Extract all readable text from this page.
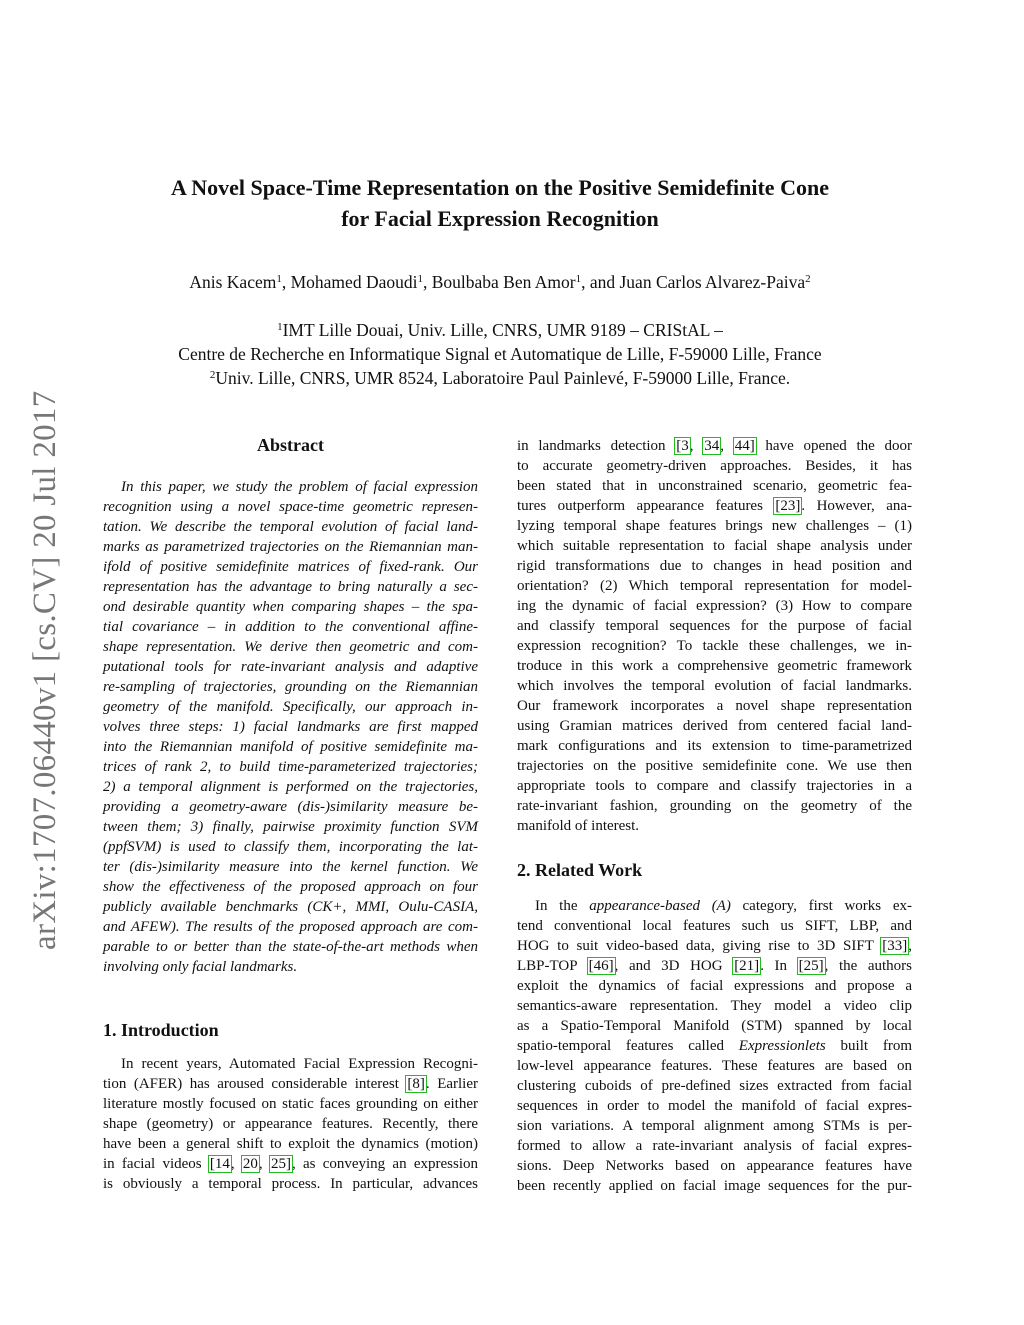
arXiv:1707.06440v1 [cs.CV] 20 Jul 2017
A Novel Space-Time Representation on the Positive Semidefinite Cone
for Facial Expression Recognition
Anis Kacem$^1$, Mohamed Daoudi$^1$, Boulbaba Ben Amor$^1$, and Juan Carlos Alvarez-Paiva$^2$
$^1$IMT Lille Douai, Univ. Lille, CNRS, UMR 9189 – CRIStAL –
Centre de Recherche en Informatique Signal et Automatique de Lille, F-59000 Lille, France
$^2$Univ. Lille, CNRS, UMR 8524, Laboratoire Paul Painlevé, F-59000 Lille, France.
Abstract
In this paper, we study the problem of facial expression
recognition using a novel space-time geometric represen-
tation. We describe the temporal evolution of facial land-
marks as parametrized trajectories on the Riemannian man-
ifold of positive semidefinite matrices of fixed-rank. Our
representation has the advantage to bring naturally a sec-
ond desirable quantity when comparing shapes – the spa-
tial covariance – in addition to the conventional affine-
shape representation. We derive then geometric and com-
putational tools for rate-invariant analysis and adaptive
re-sampling of trajectories, grounding on the Riemannian
geometry of the manifold. Specifically, our approach in-
volves three steps: 1) facial landmarks are first mapped
into the Riemannian manifold of positive semidefinite ma-
trices of rank 2, to build time-parameterized trajectories;
2) a temporal alignment is performed on the trajectories,
providing a geometry-aware (dis-)similarity measure be-
tween them; 3) finally, pairwise proximity function SVM
(ppfSVM) is used to classify them, incorporating the lat-
ter (dis-)similarity measure into the kernel function. We
show the effectiveness of the proposed approach on four
publicly available benchmarks (CK+, MMI, Oulu-CASIA,
and AFEW). The results of the proposed approach are com-
parable to or better than the state-of-the-art methods when
involving only facial landmarks.
1. Introduction
In recent years, Automated Facial Expression Recogni-
tion (AFER) has aroused considerable interest [8]. Earlier
literature mostly focused on static faces grounding on either
shape (geometry) or appearance features. Recently, there
have been a general shift to exploit the dynamics (motion)
in facial videos [14, 20, 25], as conveying an expression
is obviously a temporal process. In particular, advances
in landmarks detection [3, 34, 44] have opened the door
to accurate geometry-driven approaches. Besides, it has
been stated that in unconstrained scenario, geometric fea-
tures outperform appearance features [23]. However, ana-
lyzing temporal shape features brings new challenges – (1)
which suitable representation to facial shape analysis under
rigid transformations due to changes in head position and
orientation? (2) Which temporal representation for model-
ing the dynamic of facial expression? (3) How to compare
and classify temporal sequences for the purpose of facial
expression recognition? To tackle these challenges, we in-
troduce in this work a comprehensive geometric framework
which involves the temporal evolution of facial landmarks.
Our framework incorporates a novel shape representation
using Gramian matrices derived from centered facial land-
mark configurations and its extension to time-parametrized
trajectories on the positive semidefinite cone. We use then
appropriate tools to compare and classify trajectories in a
rate-invariant fashion, grounding on the geometry of the
manifold of interest.
2. Related Work
In the appearance-based (A) category, first works ex-
tend conventional local features such us SIFT, LBP, and
HOG to suit video-based data, giving rise to 3D SIFT [33],
LBP-TOP [46], and 3D HOG [21]. In [25], the authors
exploit the dynamics of facial expressions and propose a
semantics-aware representation. They model a video clip
as a Spatio-Temporal Manifold (STM) spanned by local
spatio-temporal features called Expressionlets built from
low-level appearance features. These features are based on
clustering cuboids of pre-defined sizes extracted from facial
sequences in order to model the manifold of facial expres-
sion variations. A temporal alignment among STMs is per-
formed to allow a rate-invariant analysis of facial expres-
sions. Deep Networks based on appearance features have
been recently applied on facial image sequences for the pur-
